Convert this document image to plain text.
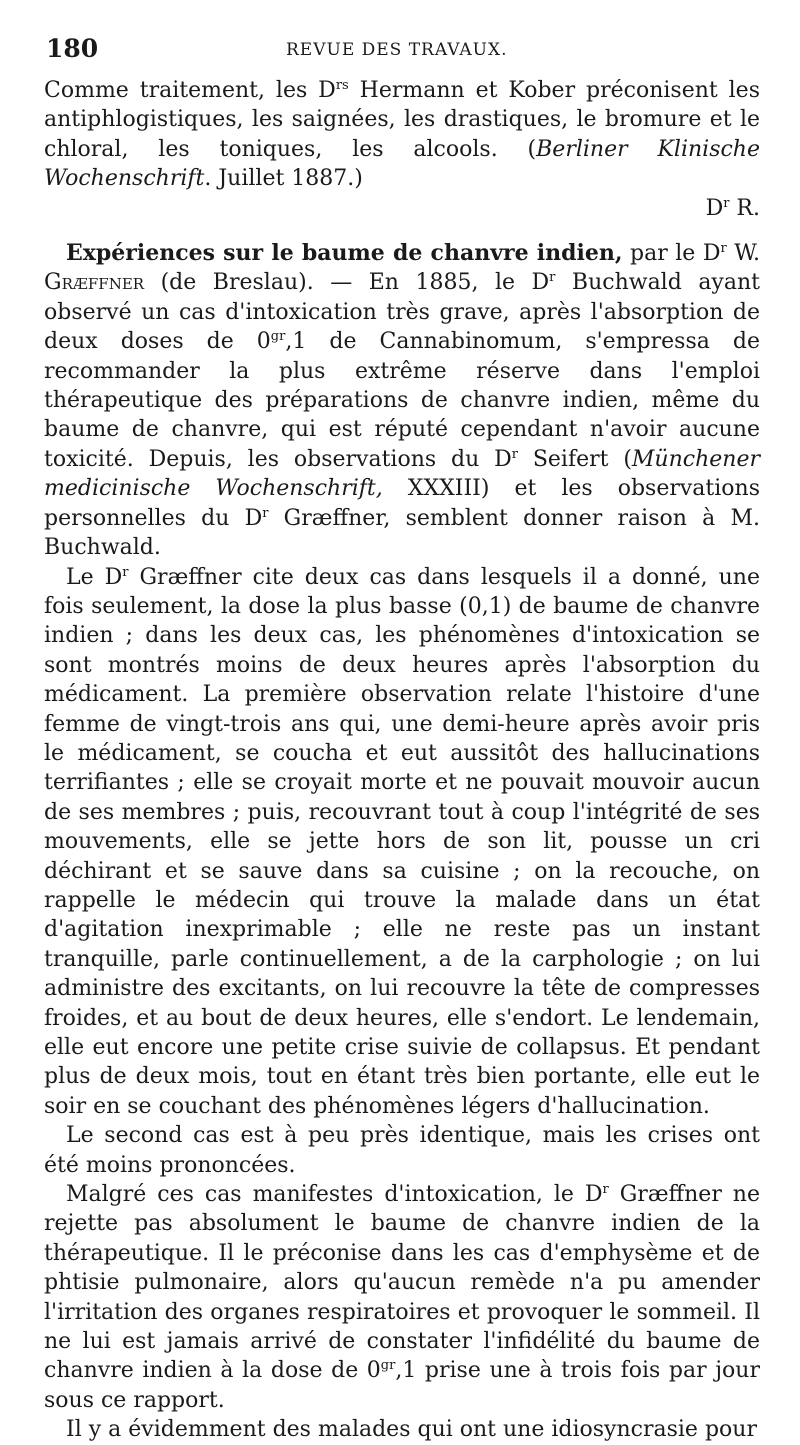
180	REVUE DES TRAVAUX.

Comme traitement, les $D^{rs}$ Hermann et Kober préconisent les antiphlogistiques, les saignées, les drastiques, le bromure et le chloral, les toniques, les alcools. (Berliner Klinische Wochenschrift. Juillet 1887.)

$D^r$ R.

Expériences sur le baume de chanvre indien, par le $D^r$ W. Græffner (de Breslau). — En 1885, le $D^r$ Buchwald ayant observé un cas d'intoxication très grave, après l'absorption de deux doses de $0^{gr},1$ de Cannabinomum, s'empressa de recommander la plus extrême réserve dans l'emploi thérapeutique des préparations de chanvre indien, même du baume de chanvre, qui est réputé cependant n'avoir aucune toxicité. Depuis, les observations du $D^r$ Seifert (Münchener medicinische Wochenschrift, XXXIII) et les observations personnelles du $D^r$ Græffner, semblent donner raison à M. Buchwald.

Le $D^r$ Græffner cite deux cas dans lesquels il a donné, une fois seulement, la dose la plus basse (0,1) de baume de chanvre indien ; dans les deux cas, les phénomènes d'intoxication se sont montrés moins de deux heures après l'absorption du médicament. La première observation relate l'histoire d'une femme de vingt-trois ans qui, une demi-heure après avoir pris le médicament, se coucha et eut aussitôt des hallucinations terrifiantes ; elle se croyait morte et ne pouvait mouvoir aucun de ses membres ; puis, recouvrant tout à coup l'intégrité de ses mouvements, elle se jette hors de son lit, pousse un cri déchirant et se sauve dans sa cuisine ; on la recouche, on rappelle le médecin qui trouve la malade dans un état d'agitation inexprimable ; elle ne reste pas un instant tranquille, parle continuellement, a de la carphologie ; on lui administre des excitants, on lui recouvre la tête de compresses froides, et au bout de deux heures, elle s'endort. Le lendemain, elle eut encore une petite crise suivie de collapsus. Et pendant plus de deux mois, tout en étant très bien portante, elle eut le soir en se couchant des phénomènes légers d'hallucination.

Le second cas est à peu près identique, mais les crises ont été moins prononcées.

Malgré ces cas manifestes d'intoxication, le $D^r$ Græffner ne rejette pas absolument le baume de chanvre indien de la thérapeutique. Il le préconise dans les cas d'emphysème et de phtisie pulmonaire, alors qu'aucun remède n'a pu amender l'irritation des organes respiratoires et provoquer le sommeil. Il ne lui est jamais arrivé de constater l'infidélité du baume de chanvre indien à la dose de $0^{gr},1$ prise une à trois fois par jour sous ce rapport.

Il y a évidemment des malades qui ont une idiosyncrasie pour
